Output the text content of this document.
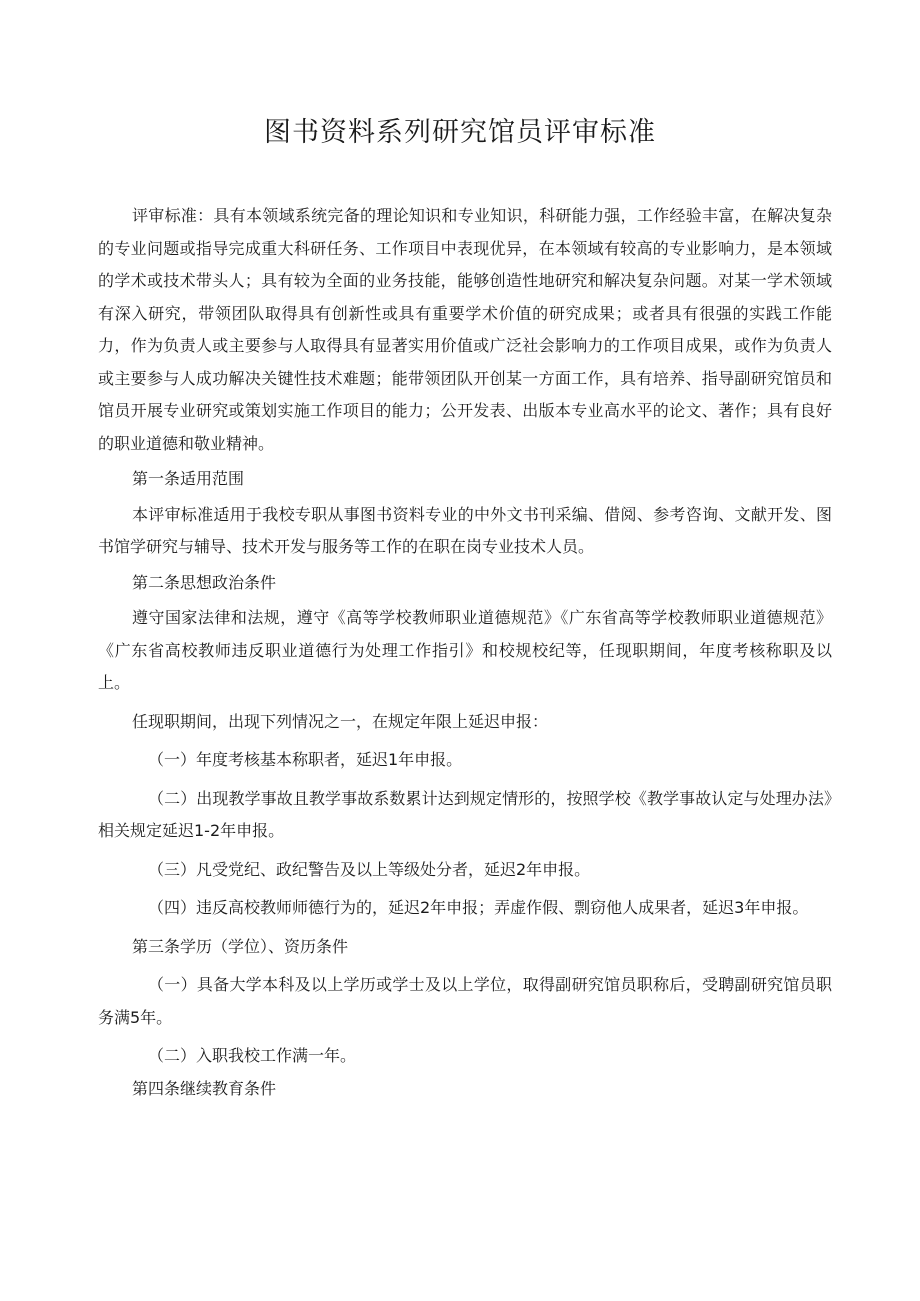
图书资料系列研究馆员评审标准

评审标准：具有本领域系统完备的理论知识和专业知识，科研能力强，工作经验丰富，在解决复杂的专业问题或指导完成重大科研任务、工作项目中表现优异，在本领域有较高的专业影响力，是本领域的学术或技术带头人；具有较为全面的业务技能，能够创造性地研究和解决复杂问题。对某一学术领域有深入研究，带领团队取得具有创新性或具有重要学术价值的研究成果；或者具有很强的实践工作能力，作为负责人或主要参与人取得具有显著实用价值或广泛社会影响力的工作项目成果，或作为负责人或主要参与人成功解决关键性技术难题；能带领团队开创某一方面工作，具有培养、指导副研究馆员和馆员开展专业研究或策划实施工作项目的能力；公开发表、出版本专业高水平的论文、著作；具有良好的职业道德和敬业精神。

第一条适用范围

本评审标准适用于我校专职从事图书资料专业的中外文书刊采编、借阅、参考咨询、文献开发、图书馆学研究与辅导、技术开发与服务等工作的在职在岗专业技术人员。

第二条思想政治条件

遵守国家法律和法规，遵守《高等学校教师职业道德规范》《广东省高等学校教师职业道德规范》《广东省高校教师违反职业道德行为处理工作指引》和校规校纪等，任现职期间，年度考核称职及以上。

任现职期间，出现下列情况之一，在规定年限上延迟申报：

（一）年度考核基本称职者，延迟1年申报。

（二）出现教学事故且教学事故系数累计达到规定情形的，按照学校《教学事故认定与处理办法》相关规定延迟1-2年申报。

（三）凡受党纪、政纪警告及以上等级处分者，延迟2年申报。

（四）违反高校教师师德行为的，延迟2年申报；弄虚作假、剽窃他人成果者，延迟3年申报。

第三条学历（学位）、资历条件

（一）具备大学本科及以上学历或学士及以上学位，取得副研究馆员职称后，受聘副研究馆员职务满5年。

（二）入职我校工作满一年。

第四条继续教育条件
